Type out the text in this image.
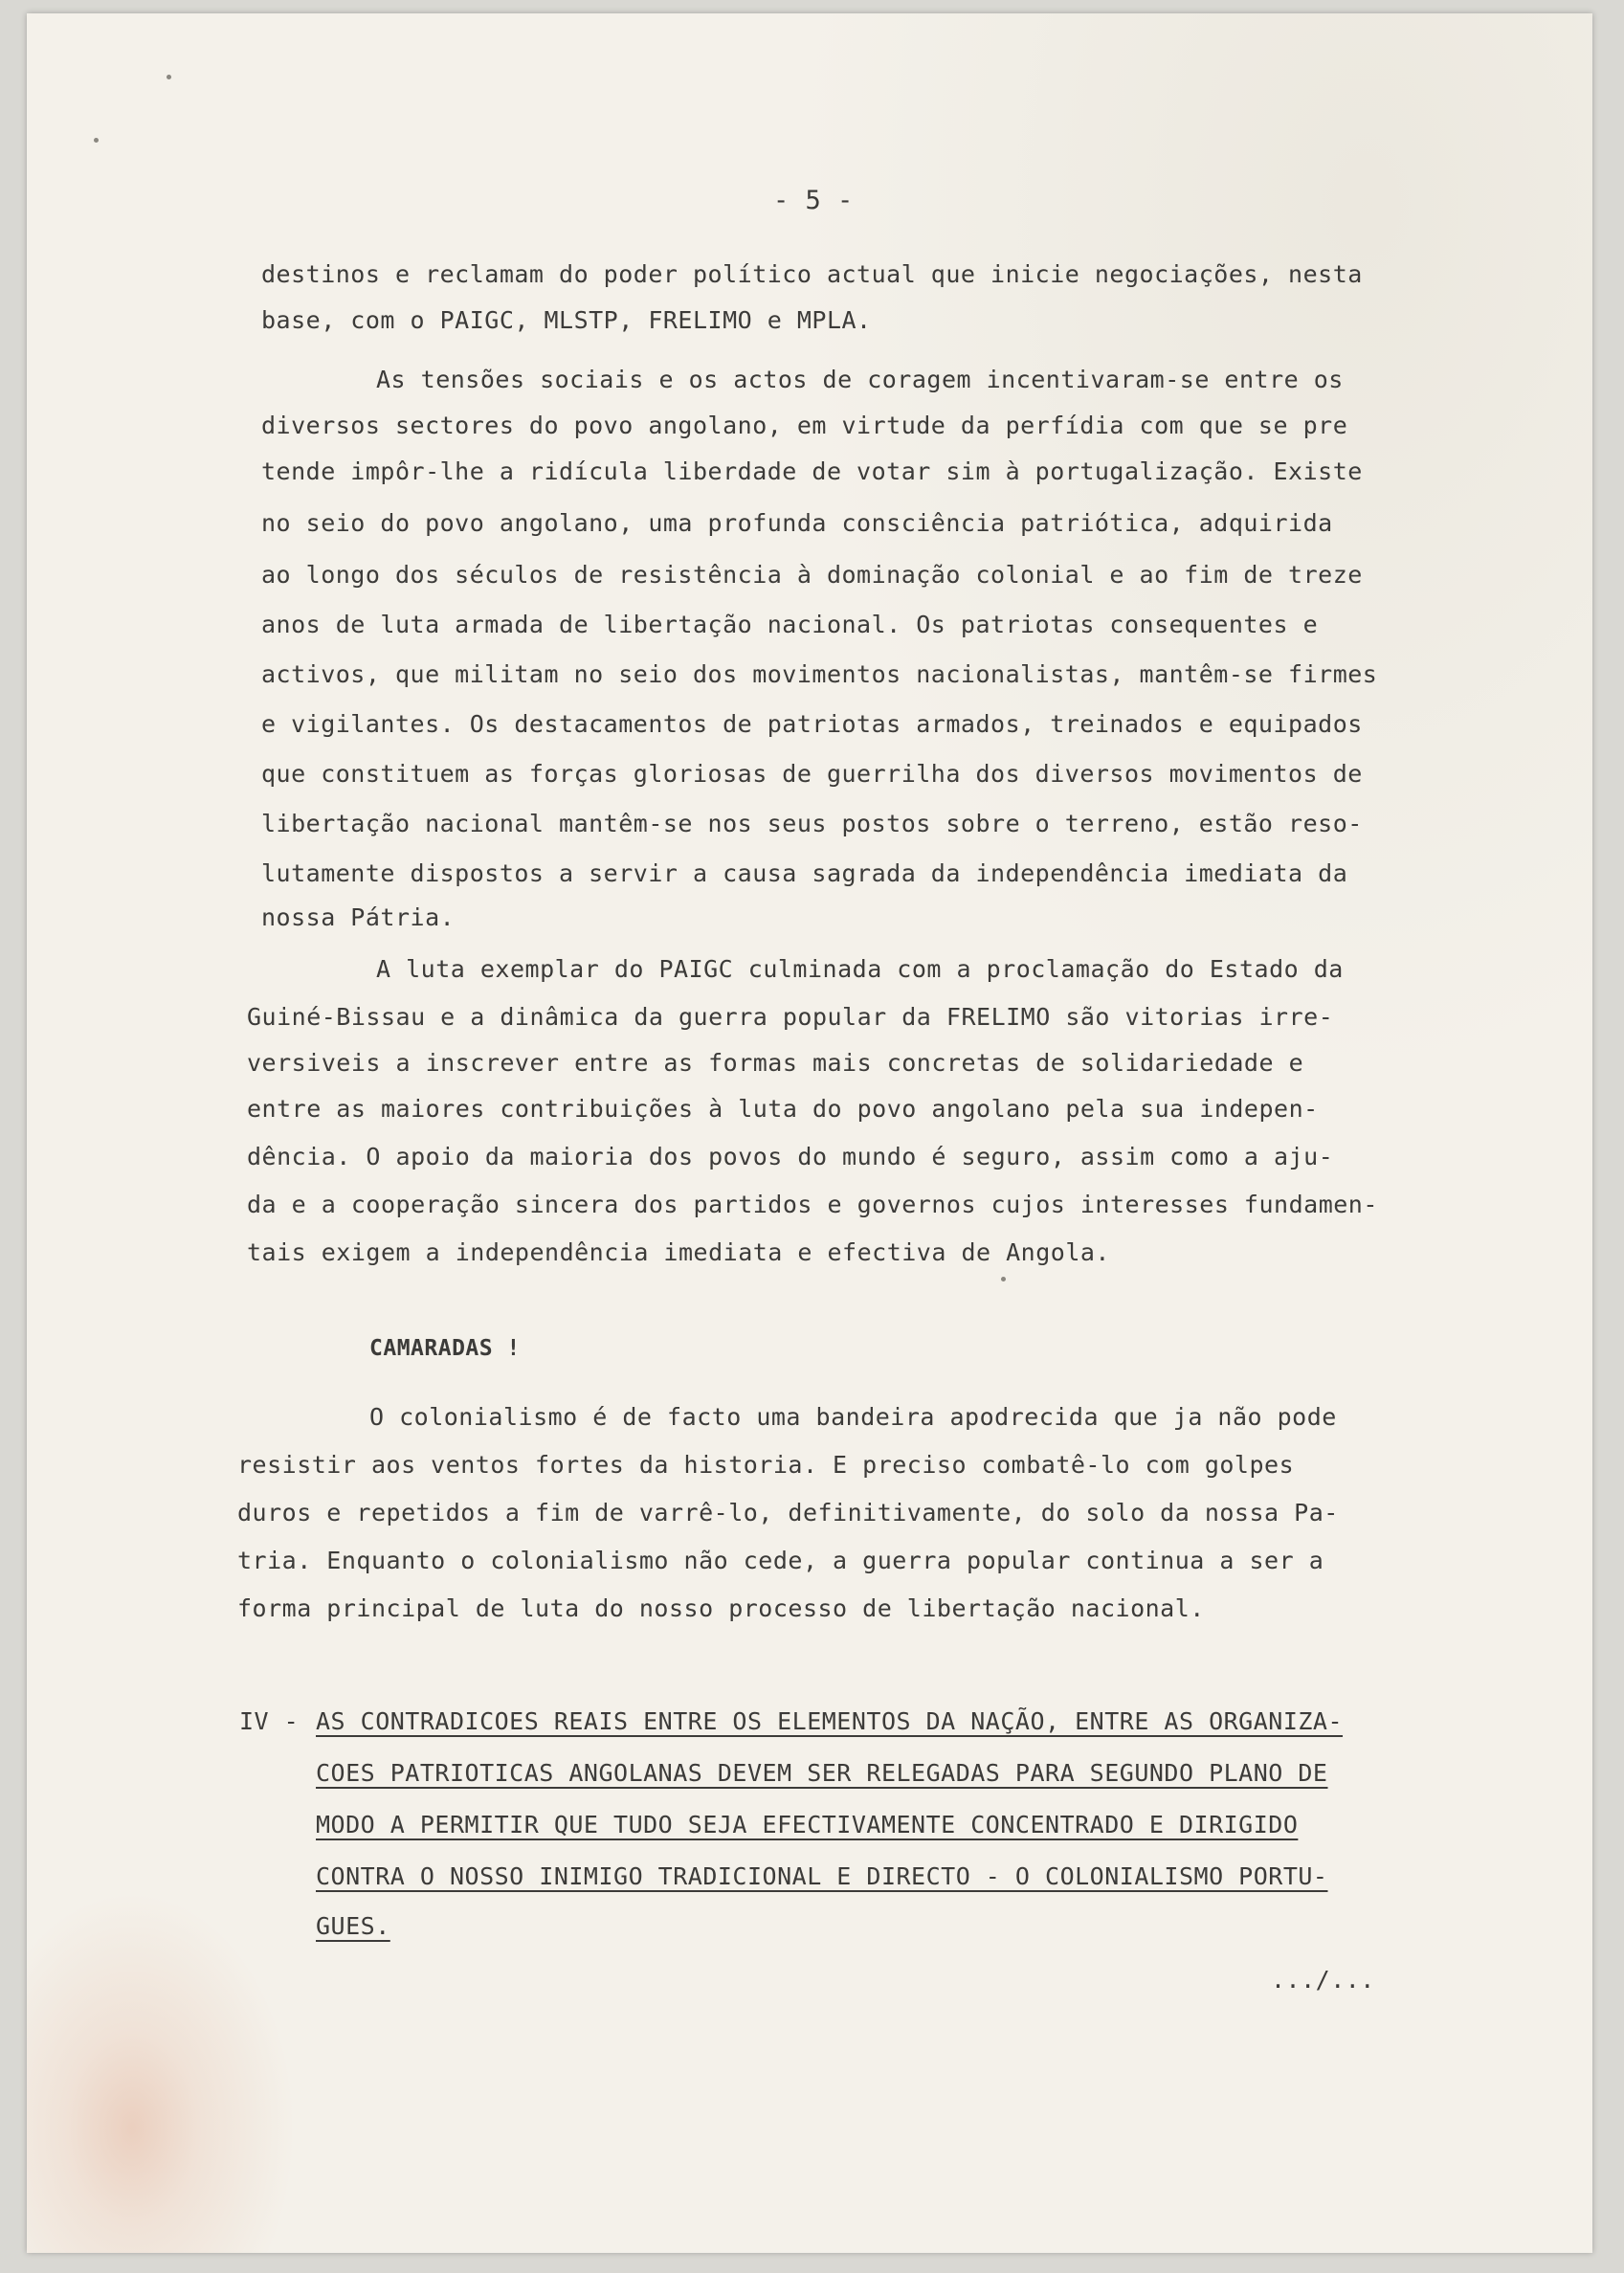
- 5 -
destinos e reclamam do poder político actual que inicie negociações, nesta
base, com o PAIGC, MLSTP, FRELIMO e MPLA.
As tensões sociais e os actos de coragem incentivaram-se entre os
diversos sectores do povo angolano, em virtude da perfídia com que se pre
tende impôr-lhe a ridícula liberdade de votar sim à portugalização. Existe
no seio do povo angolano, uma profunda consciência patriótica, adquirida
ao longo dos séculos de resistência à dominação colonial e ao fim de treze
anos de luta armada de libertação nacional. Os patriotas consequentes e
activos, que militam no seio dos movimentos nacionalistas, mantêm-se firmes
e vigilantes. Os destacamentos de patriotas armados, treinados e equipados
que constituem as forças gloriosas de guerrilha dos diversos movimentos de
libertação nacional mantêm-se nos seus postos sobre o terreno, estão reso-
lutamente dispostos a servir a causa sagrada da independência imediata da
nossa Pátria.
A luta exemplar do PAIGC culminada com a proclamação do Estado da
Guiné-Bissau e a dinâmica da guerra popular da FRELIMO são vitorias irre-
versiveis a inscrever entre as formas mais concretas de solidariedade e
entre as maiores contribuições à luta do povo angolano pela sua indepen-
dência. O apoio da maioria dos povos do mundo é seguro, assim como a aju-
da e a cooperação sincera dos partidos e governos cujos interesses fundamen-
tais exigem a independência imediata e efectiva de Angola.
CAMARADAS !
O colonialismo é de facto uma bandeira apodrecida que ja não pode
resistir aos ventos fortes da historia. E preciso combatê-lo com golpes
duros e repetidos a fim de varrê-lo, definitivamente, do solo da nossa Pa-
tria. Enquanto o colonialismo não cede, a guerra popular continua a ser a
forma principal de luta do nosso processo de libertação nacional.
IV - AS CONTRADICOES REAIS ENTRE OS ELEMENTOS DA NAÇÃO, ENTRE AS ORGANIZA-
COES PATRIOTICAS ANGOLANAS DEVEM SER RELEGADAS PARA SEGUNDO PLANO DE
MODO A PERMITIR QUE TUDO SEJA EFECTIVAMENTE CONCENTRADO E DIRIGIDO
CONTRA O NOSSO INIMIGO TRADICIONAL E DIRECTO - O COLONIALISMO PORTU-
GUES.
.../...
